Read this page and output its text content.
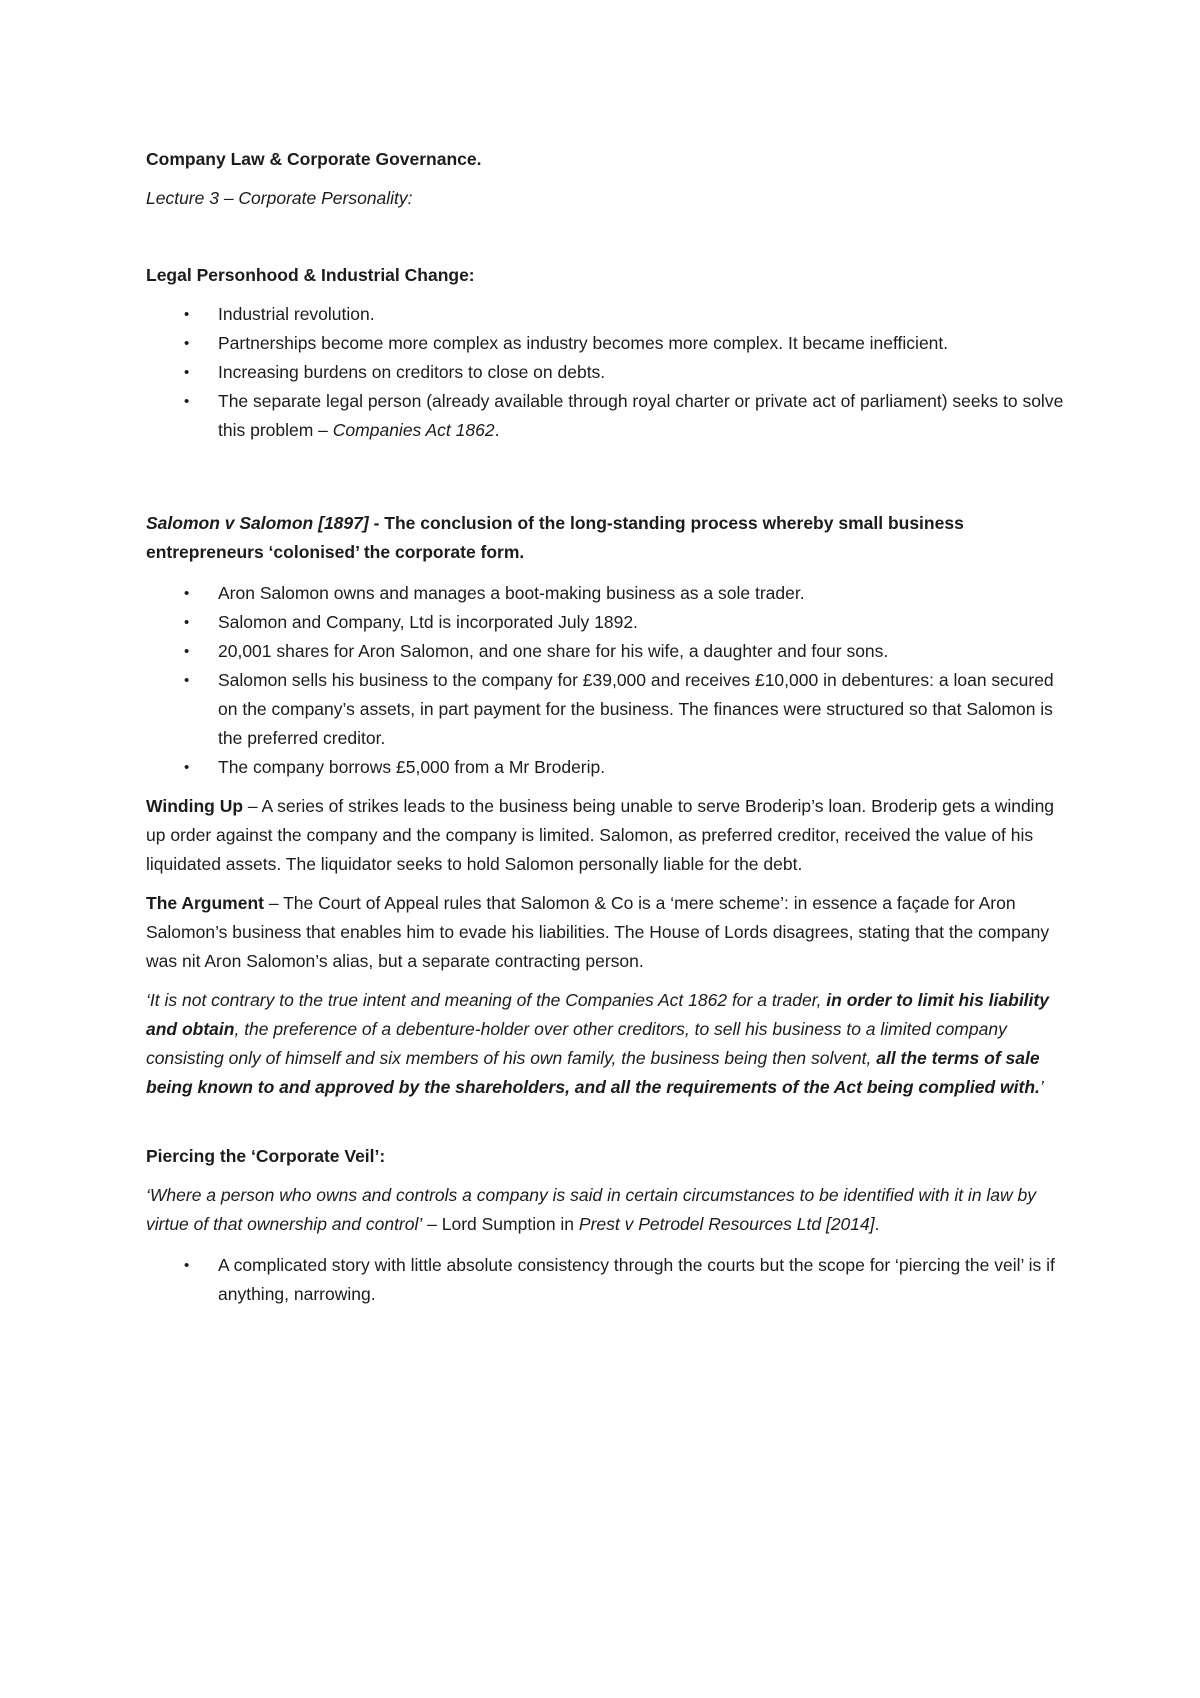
Company Law & Corporate Governance.

Lecture 3 – Corporate Personality:

Legal Personhood & Industrial Change:

• Industrial revolution.
• Partnerships become more complex as industry becomes more complex. It became inefficient.
• Increasing burdens on creditors to close on debts.
• The separate legal person (already available through royal charter or private act of parliament) seeks to solve this problem – Companies Act 1862.

Salomon v Salomon [1897] - The conclusion of the long-standing process whereby small business entrepreneurs ‘colonised’ the corporate form.

• Aron Salomon owns and manages a boot-making business as a sole trader.
• Salomon and Company, Ltd is incorporated July 1892.
• 20,001 shares for Aron Salomon, and one share for his wife, a daughter and four sons.
• Salomon sells his business to the company for £39,000 and receives £10,000 in debentures: a loan secured on the company’s assets, in part payment for the business. The finances were structured so that Salomon is the preferred creditor.
• The company borrows £5,000 from a Mr Broderip.

Winding Up – A series of strikes leads to the business being unable to serve Broderip’s loan. Broderip gets a winding up order against the company and the company is limited. Salomon, as preferred creditor, received the value of his liquidated assets. The liquidator seeks to hold Salomon personally liable for the debt.

The Argument – The Court of Appeal rules that Salomon & Co is a ‘mere scheme’: in essence a façade for Aron Salomon’s business that enables him to evade his liabilities. The House of Lords disagrees, stating that the company was nit Aron Salomon’s alias, but a separate contracting person.

‘It is not contrary to the true intent and meaning of the Companies Act 1862 for a trader, in order to limit his liability and obtain, the preference of a debenture-holder over other creditors, to sell his business to a limited company consisting only of himself and six members of his own family, the business being then solvent, all the terms of sale being known to and approved by the shareholders, and all the requirements of the Act being complied with.’

Piercing the ‘Corporate Veil’:

‘Where a person who owns and controls a company is said in certain circumstances to be identified with it in law by virtue of that ownership and control’ – Lord Sumption in Prest v Petrodel Resources Ltd [2014].

• A complicated story with little absolute consistency through the courts but the scope for ‘piercing the veil’ is if anything, narrowing.
